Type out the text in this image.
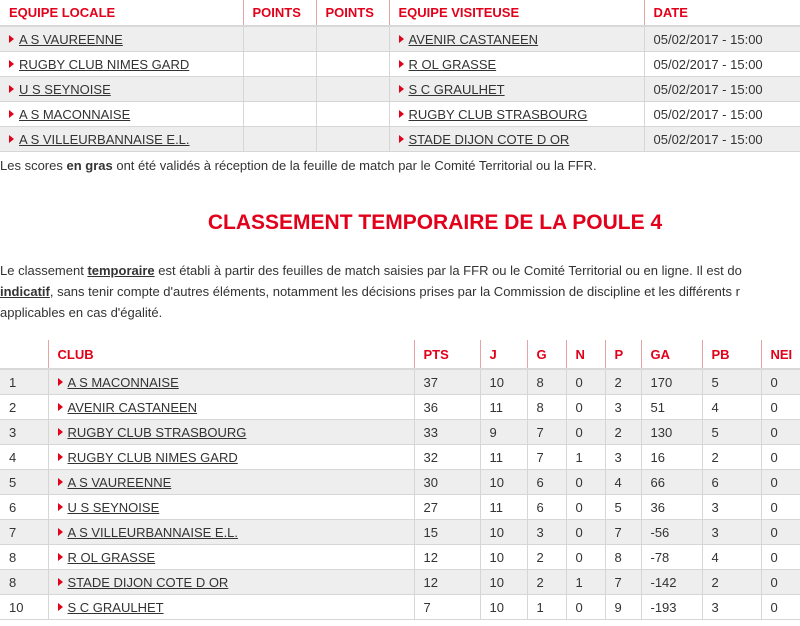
EQUIPE LOCALE	POINTS	POINTS	EQUIPE VISITEUSE	DATE
A S VAUREENNE			AVENIR CASTANEEN	05/02/2017 - 15:00
RUGBY CLUB NIMES GARD			R OL GRASSE	05/02/2017 - 15:00
U S SEYNOISE			S C GRAULHET	05/02/2017 - 15:00
A S MACONNAISE			RUGBY CLUB STRASBOURG	05/02/2017 - 15:00
A S VILLEURBANNAISE E.L.			STADE DIJON COTE D OR	05/02/2017 - 15:00
Les scores en gras ont été validés à réception de la feuille de match par le Comité Territorial ou la FFR.
CLASSEMENT TEMPORAIRE DE LA POULE 4

Le classement temporaire est établi à partir des feuilles de match saisies par la FFR ou le Comité Territorial ou en ligne. Il est do

indicatif, sans tenir compte d'autres éléments, notamment les décisions prises par la Commission de discipline et les différents r

applicables en cas d'égalité.

	CLUB	PTS	J	G	N	P	GA	PB	NEI
1	A S MACONNAISE	37	10	8	0	2	170	5	0
2	AVENIR CASTANEEN	36	11	8	0	3	51	4	0
3	RUGBY CLUB STRASBOURG	33	9	7	0	2	130	5	0
4	RUGBY CLUB NIMES GARD	32	11	7	1	3	16	2	0
5	A S VAUREENNE	30	10	6	0	4	66	6	0
6	U S SEYNOISE	27	11	6	0	5	36	3	0
7	A S VILLEURBANNAISE E.L.	15	10	3	0	7	-56	3	0
8	R OL GRASSE	12	10	2	0	8	-78	4	0
8	STADE DIJON COTE D OR	12	10	2	1	7	-142	2	0
10	S C GRAULHET	7	10	1	0	9	-193	3	0
